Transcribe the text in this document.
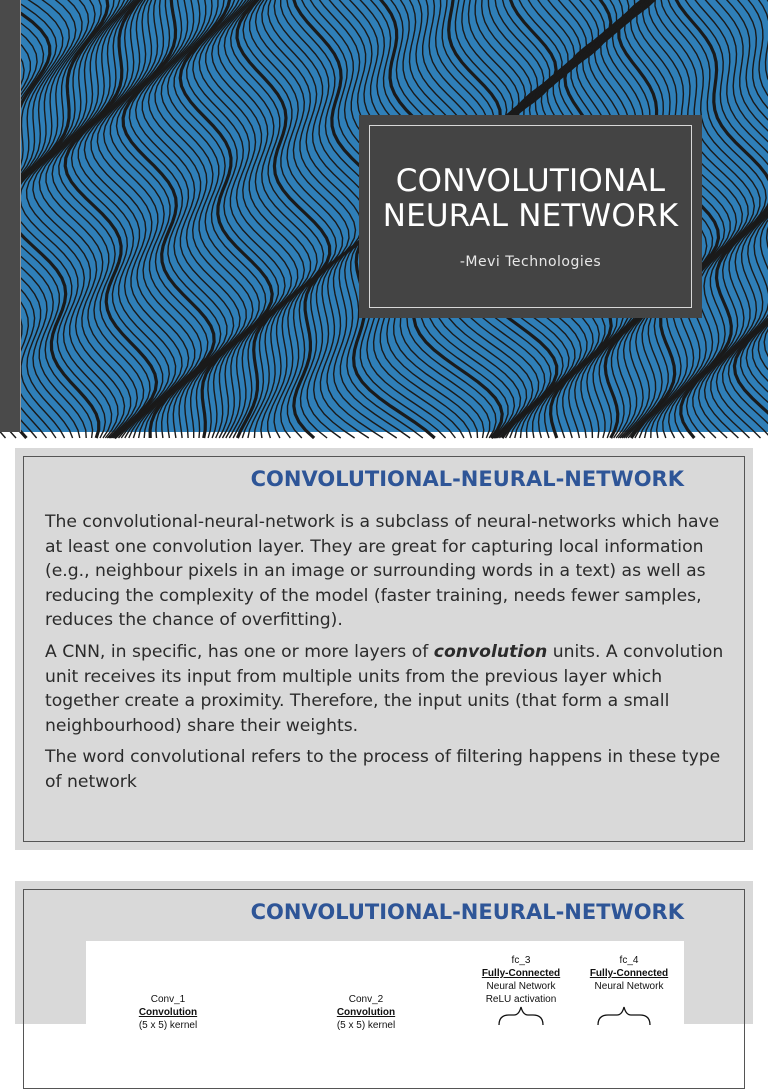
CONVOLUTIONAL
NEURAL NETWORK
-Mevi Technologies
CONVOLUTIONAL-NEURAL-NETWORK

The convolutional-neural-network is a subclass of neural-networks which have at least one convolution layer. They are great for capturing local information (e.g., neighbour pixels in an image or surrounding words in a text) as well as reducing the complexity of the model (faster training, needs fewer samples, reduces the chance of overfitting).

A CNN, in specific, has one or more layers of convolution units. A convolution unit receives its input from multiple units from the previous layer which together create a proximity. Therefore, the input units (that form a small neighbourhood) share their weights.

The word convolutional refers to the process of filtering happens in these type of network

CONVOLUTIONAL-NEURAL-NETWORK
Conv_1
Convolution
(5 x 5) kernel
Conv_2
Convolution
(5 x 5) kernel
fc_3
Fully-Connected
Neural Network
ReLU activation
fc_4
Fully-Connected
Neural Network
